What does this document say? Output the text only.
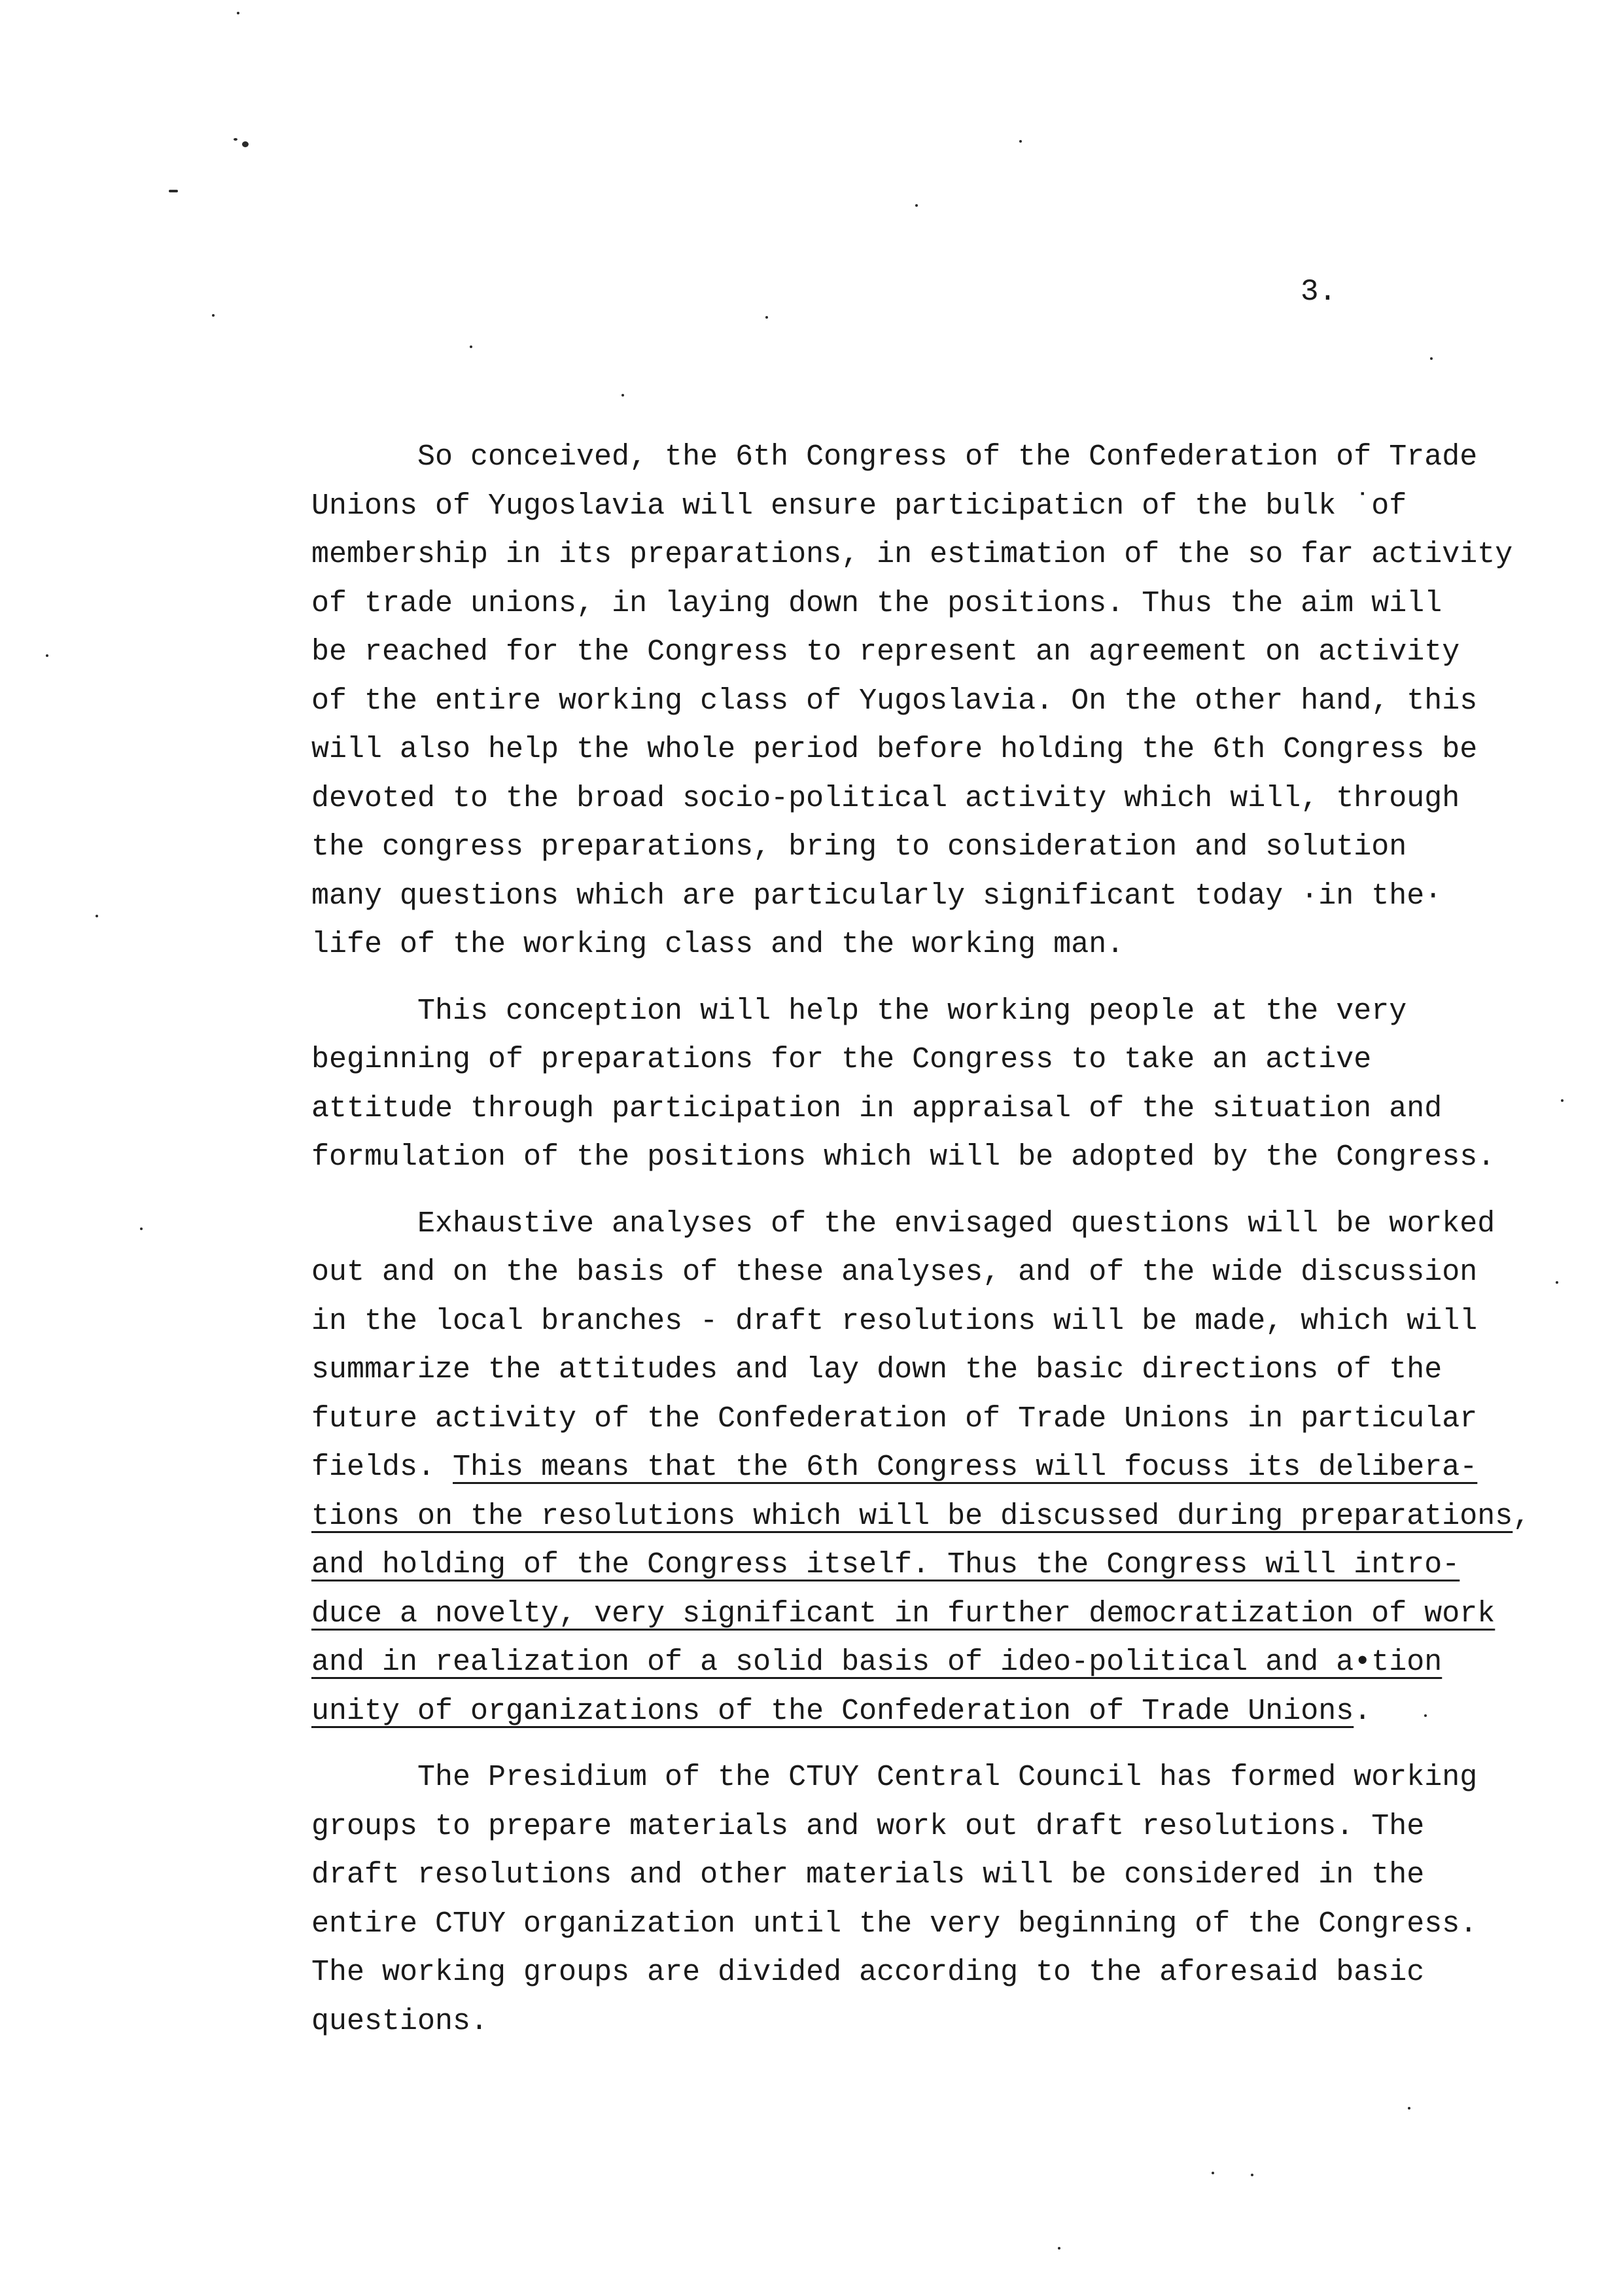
3.
So conceived, the 6th Congress of the Confederation of Trade
Unions of Yugoslavia will ensure participaticn of the bulk ˙of
membership in its preparations, in estimation of the so far activity
of trade unions, in laying down the positions. Thus the aim will
be reached for the Congress to represent an agreement on activity
of the entire working class of Yugoslavia. On the other hand, this
will also help the whole period before holding the 6th Congress be
devoted to the broad socio-political activity which will, through
the congress preparations, bring to consideration and solution
many questions which are particularly significant today ·in the·
life of the working class and the working man.
This conception will help the working people at the very
beginning of preparations for the Congress to take an active
attitude through participation in appraisal of the situation and
formulation of the positions which will be adopted by the Congress.
Exhaustive analyses of the envisaged questions will be worked
out and on the basis of these analyses, and of the wide discussion
in the local branches - draft resolutions will be made, which will
summarize the attitudes and lay down the basic directions of the
future activity of the Confederation of Trade Unions in particular
fields. This means that the 6th Congress will focuss its delibera-
tions on the resolutions which will be discussed during preparations,
and holding of the Congress itself. Thus the Congress will intro-
duce a novelty, very significant in further democratization of work
and in realization of a solid basis of ideo-political and a•tion
unity of organizations of the Confederation of Trade Unions.
The Presidium of the CTUY Central Council has formed working
groups to prepare materials and work out draft resolutions. The
draft resolutions and other materials will be considered in the
entire CTUY organization until the very beginning of the Congress.
The working groups are divided according to the aforesaid basic
questions.
